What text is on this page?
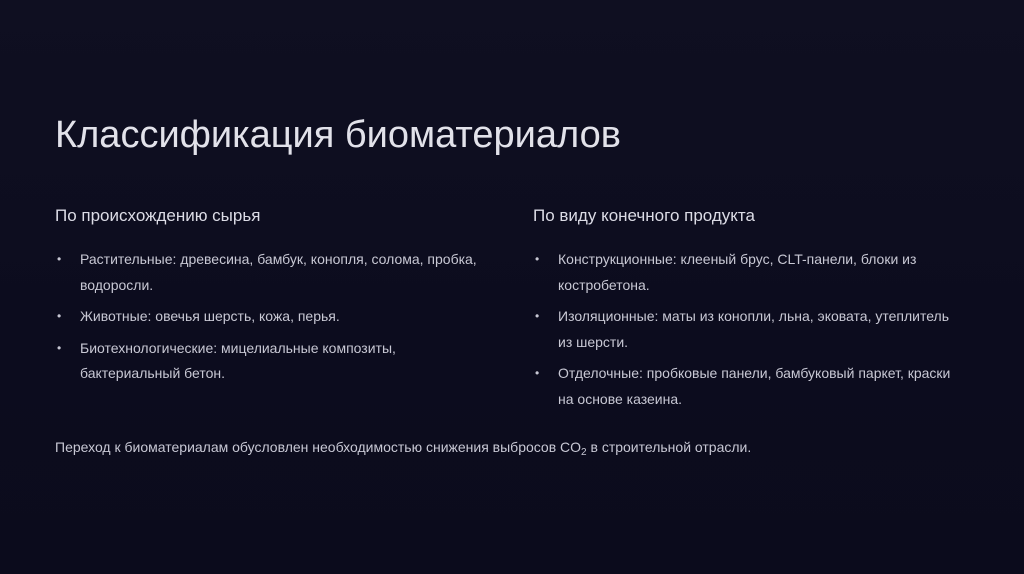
Классификация биоматериалов
По происхождению сырья
• Растительные: древесина, бамбук, конопля, солома, пробка, водоросли.
• Животные: овечья шерсть, кожа, перья.
• Биотехнологические: мицелиальные композиты, бактериальный бетон.
По виду конечного продукта
• Конструкционные: клееный брус, CLT-панели, блоки из костробетона.
• Изоляционные: маты из конопли, льна, эковата, утеплитель из шерсти.
• Отделочные: пробковые панели, бамбуковый паркет, краски на основе казеина.

Переход к биоматериалам обусловлен необходимостью снижения выбросов $CO_2$ в строительной отрасли.
